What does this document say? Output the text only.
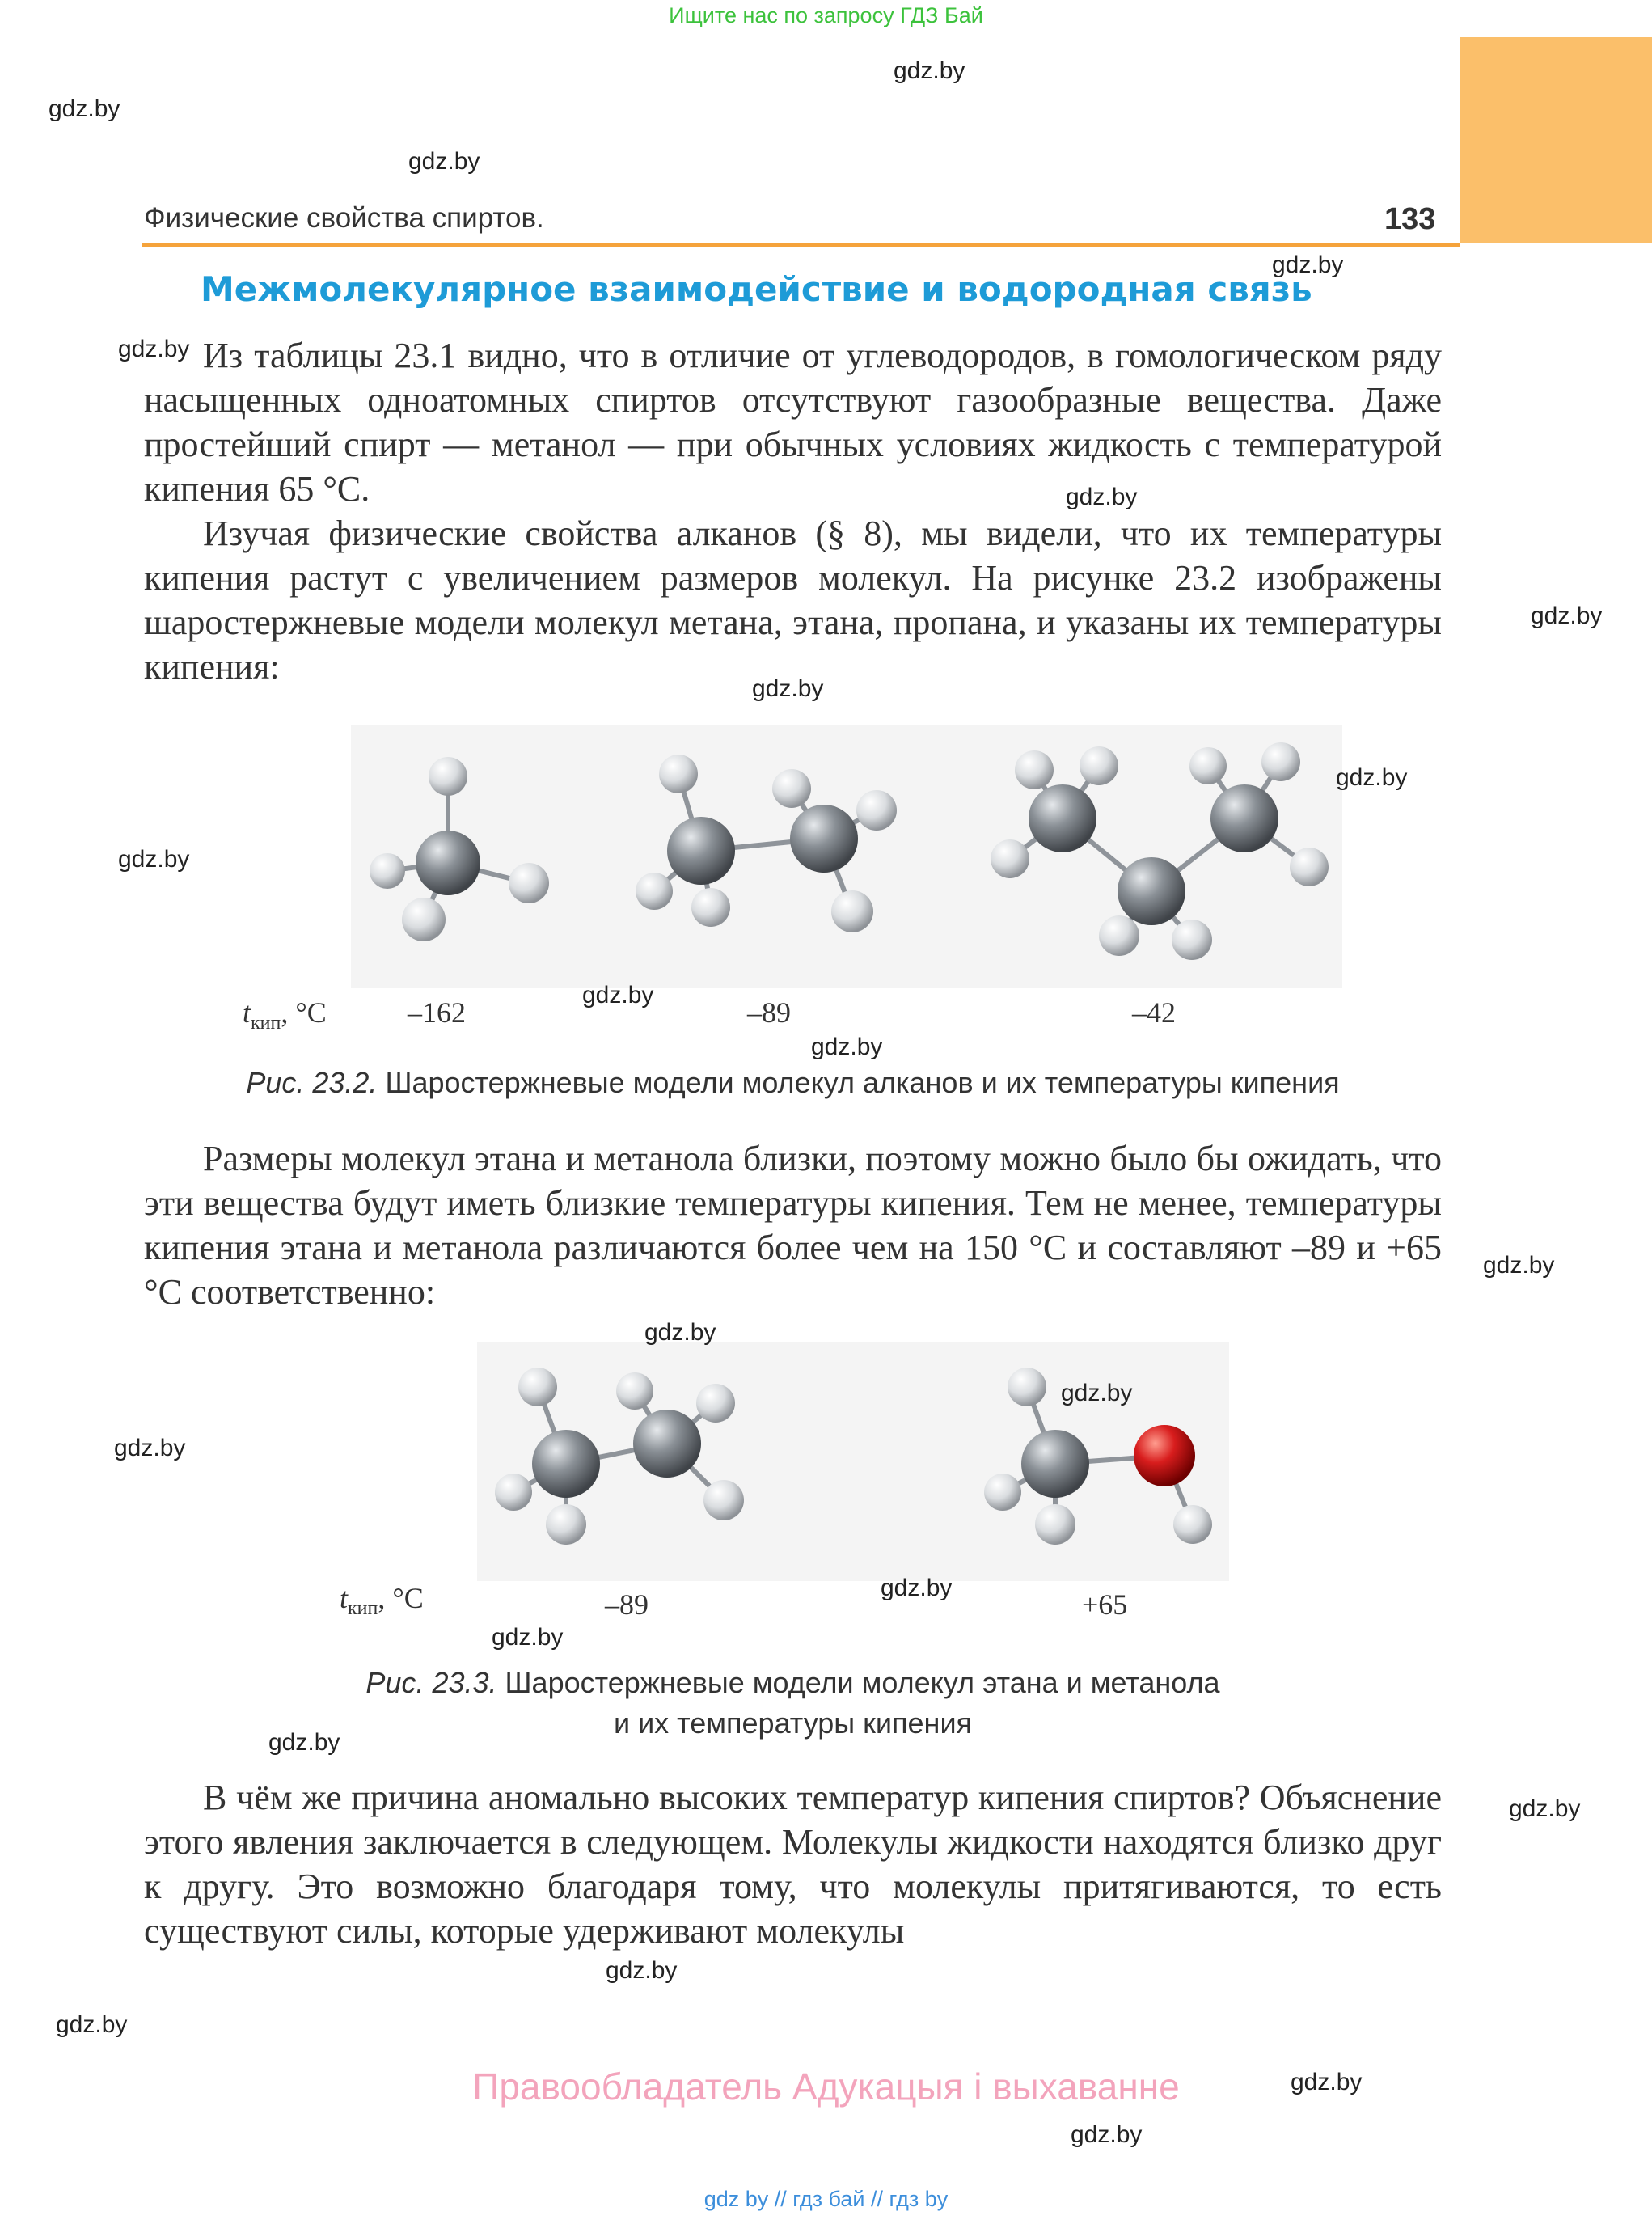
Ищите нас по запросу ГДЗ Бай
Физические свойства спиртов.	133
Межмолекулярное взаимодействие и водородная связь
Из таблицы 23.1 видно, что в отличие от углеводородов, в гомологическом ряду насыщенных одноатомных спиртов отсутствуют газообразные вещества. Даже простейший спирт — метанол — при обычных условиях жидкость с температурой кипения 65 °С.
Изучая физические свойства алканов (§ 8), мы видели, что их температуры кипения растут с увеличением размеров молекул. На рисунке 23.2 изображены шаростержневые модели молекул метана, этана, пропана, и указаны их температуры кипения:
$t_{кип}$, °C	–162	–89	–42
Рис. 23.2. Шаростержневые модели молекул алканов и их температуры кипения
Размеры молекул этана и метанола близки, поэтому можно было бы ожидать, что эти вещества будут иметь близкие температуры кипения. Тем не менее, температуры кипения этана и метанола различаются более чем на 150 °С и составляют –89 и +65 °С соответственно:
$t_{кип}$, °C	–89	+65
Рис. 23.3. Шаростержневые модели молекул этана и метанола
и их температуры кипения
В чём же причина аномально высоких температур кипения спиртов? Объяснение этого явления заключается в следующем. Молекулы жидкости находятся близко друг к другу. Это возможно благодаря тому, что молекулы притягиваются, то есть существуют силы, которые удерживают молекулы
Правообладатель Адукацыя і выхаванне
gdz by // гдз бай // гдз by
gdz.by
gdz.by
gdz.by
gdz.by
gdz.by
gdz.by
gdz.by
gdz.by
gdz.by
gdz.by
gdz.by
gdz.by
gdz.by
gdz.by
gdz.by
gdz.by
gdz.by
gdz.by
gdz.by
gdz.by
gdz.by
gdz.by
gdz.by
gdz.by
